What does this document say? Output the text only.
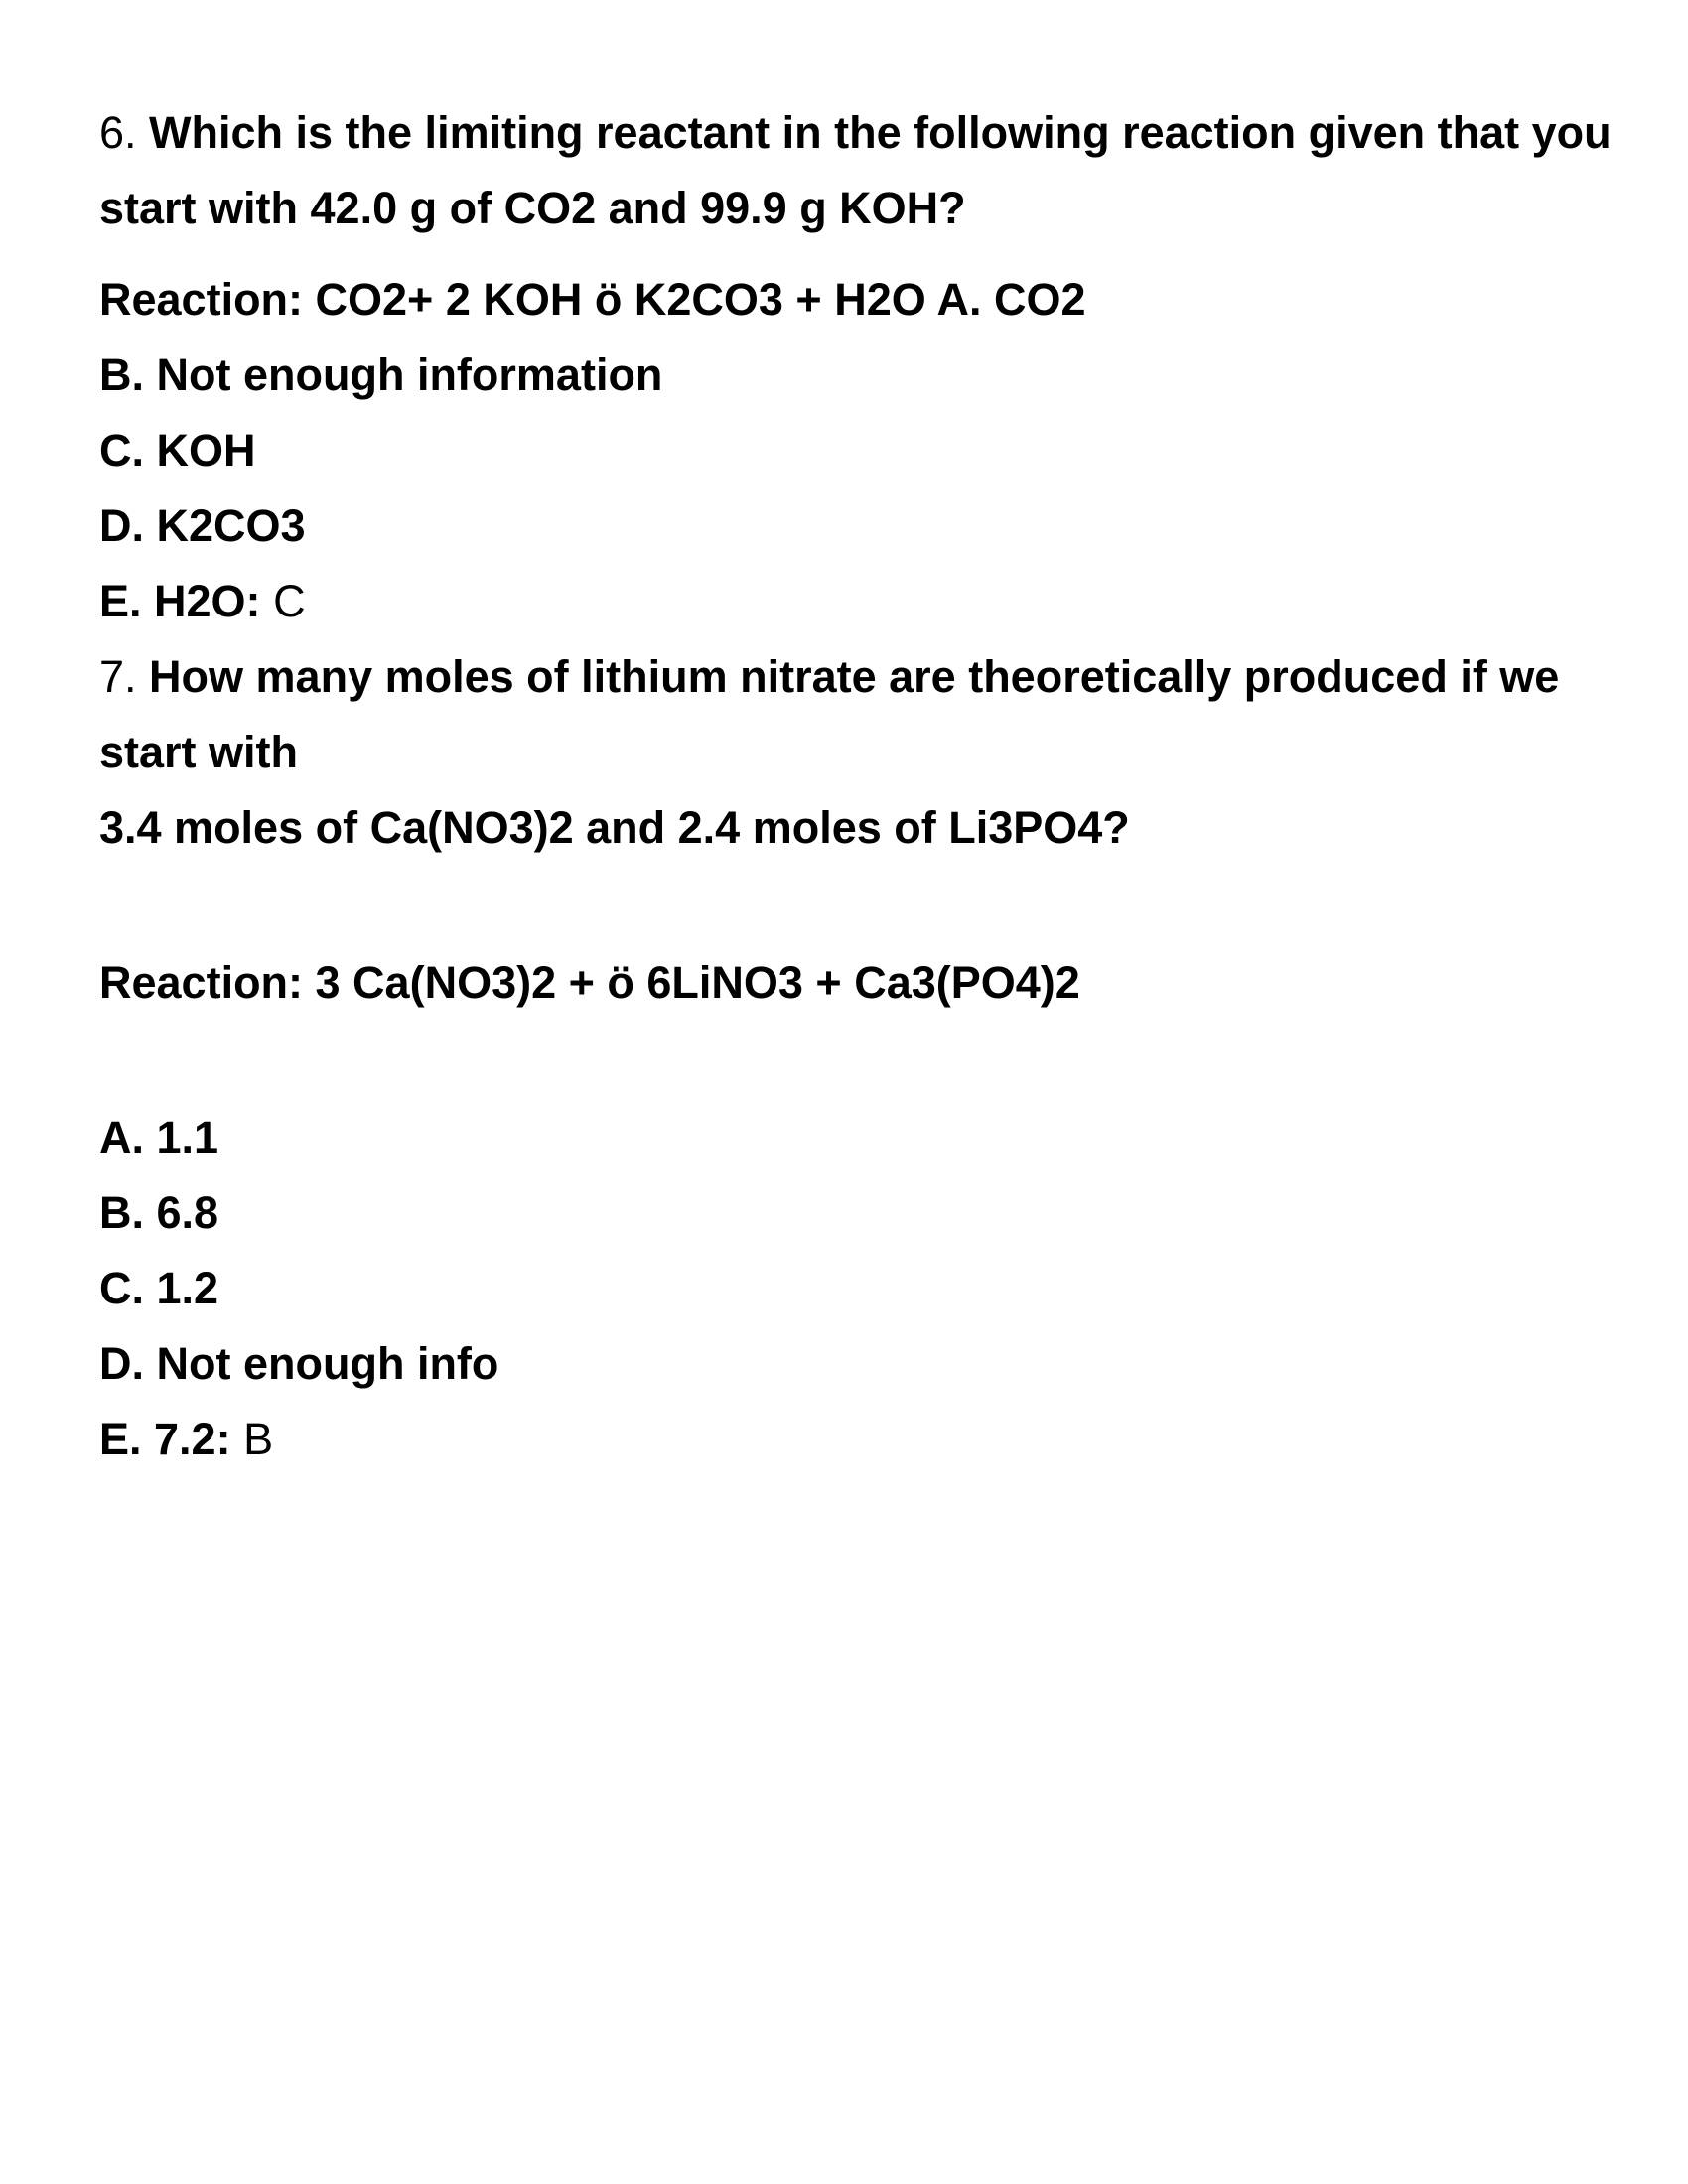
6. Which is the limiting reactant in the following reaction given that you
start with 42.0 g of CO2 and 99.9 g KOH?
Reaction: CO2+ 2 KOH ö K2CO3 + H2O A. CO2
B. Not enough information
C. KOH
D. K2CO3
E. H2O: C
7. How many moles of lithium nitrate are theoretically produced if we
start with
3.4 moles of Ca(NO3)2 and 2.4 moles of Li3PO4?
Reaction: 3 Ca(NO3)2 + ö 6LiNO3 + Ca3(PO4)2
A. 1.1
B. 6.8
C. 1.2
D. Not enough info
E. 7.2: B
